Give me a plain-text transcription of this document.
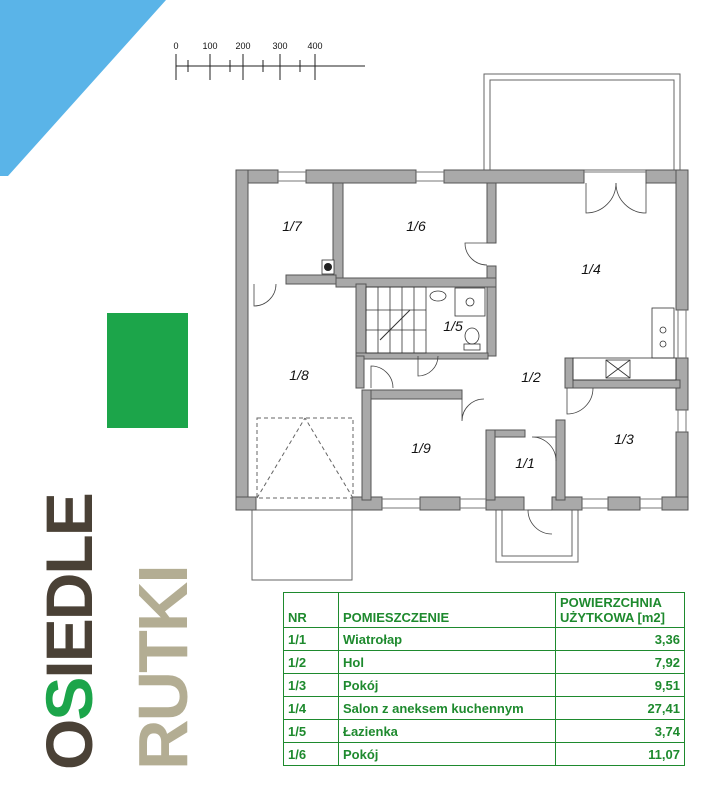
0	100 200 300 400
1/7	1/6
1/4
1/5
1/8	1/2
1/3
1/9
1/1
OSIEDLE RUTKI	NR	POMIESZCZENIE	POWIERZCHNIA
UŻYTKOWA [m2]

1/1	Wiatrołap	3,36
1/2	Hol	7,92
1/3	Pokój	9,51
1/4	Salon z aneksem kuchennym	27,41
1/5	Łazienka	3,74
1/6	Pokój	11,07
